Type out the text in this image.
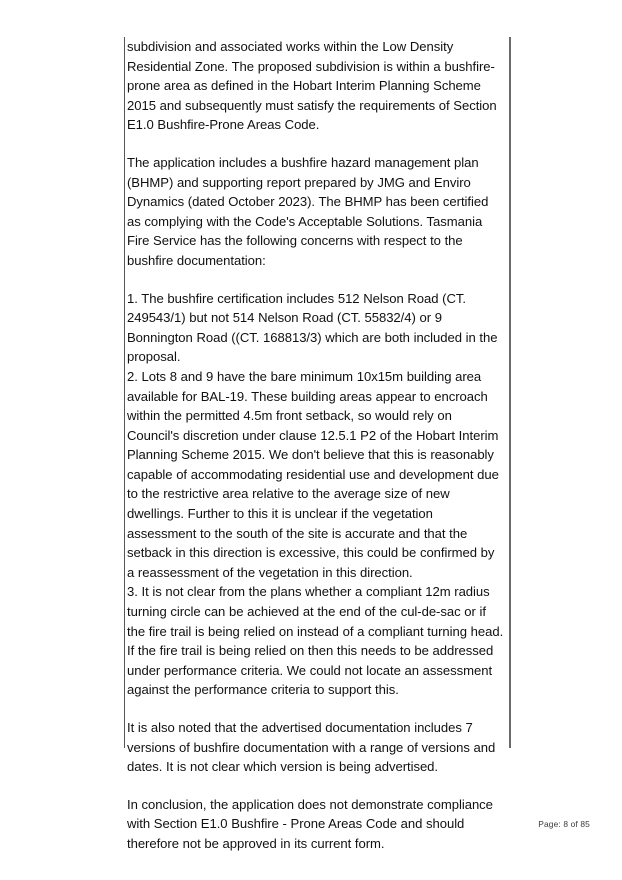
subdivision and associated works within the Low Density Residential Zone. The proposed subdivision is within a bushfire-prone area as defined in the Hobart Interim Planning Scheme 2015 and subsequently must satisfy the requirements of Section E1.0 Bushfire-Prone Areas Code.

The application includes a bushfire hazard management plan (BHMP) and supporting report prepared by JMG and Enviro Dynamics (dated October 2023). The BHMP has been certified as complying with the Code's Acceptable Solutions. Tasmania Fire Service has the following concerns with respect to the bushfire documentation:

1. The bushfire certification includes 512 Nelson Road (CT. 249543/1) but not 514 Nelson Road (CT. 55832/4) or 9 Bonnington Road ((CT. 168813/3) which are both included in the proposal.
2. Lots 8 and 9 have the bare minimum 10x15m building area available for BAL-19. These building areas appear to encroach within the permitted 4.5m front setback, so would rely on Council's discretion under clause 12.5.1 P2 of the Hobart Interim Planning Scheme 2015. We don't believe that this is reasonably capable of accommodating residential use and development due to the restrictive area relative to the average size of new dwellings. Further to this it is unclear if the vegetation assessment to the south of the site is accurate and that the setback in this direction is excessive, this could be confirmed by a reassessment of the vegetation in this direction.
3. It is not clear from the plans whether a compliant 12m radius turning circle can be achieved at the end of the cul-de-sac or if the fire trail is being relied on instead of a compliant turning head. If the fire trail is being relied on then this needs to be addressed under performance criteria. We could not locate an assessment against the performance criteria to support this.

It is also noted that the advertised documentation includes 7 versions of bushfire documentation with a range of versions and dates. It is not clear which version is being advertised.

In conclusion, the application does not demonstrate compliance with Section E1.0 Bushfire - Prone Areas Code and should therefore not be approved in its current form.

Page: 8 of 85
